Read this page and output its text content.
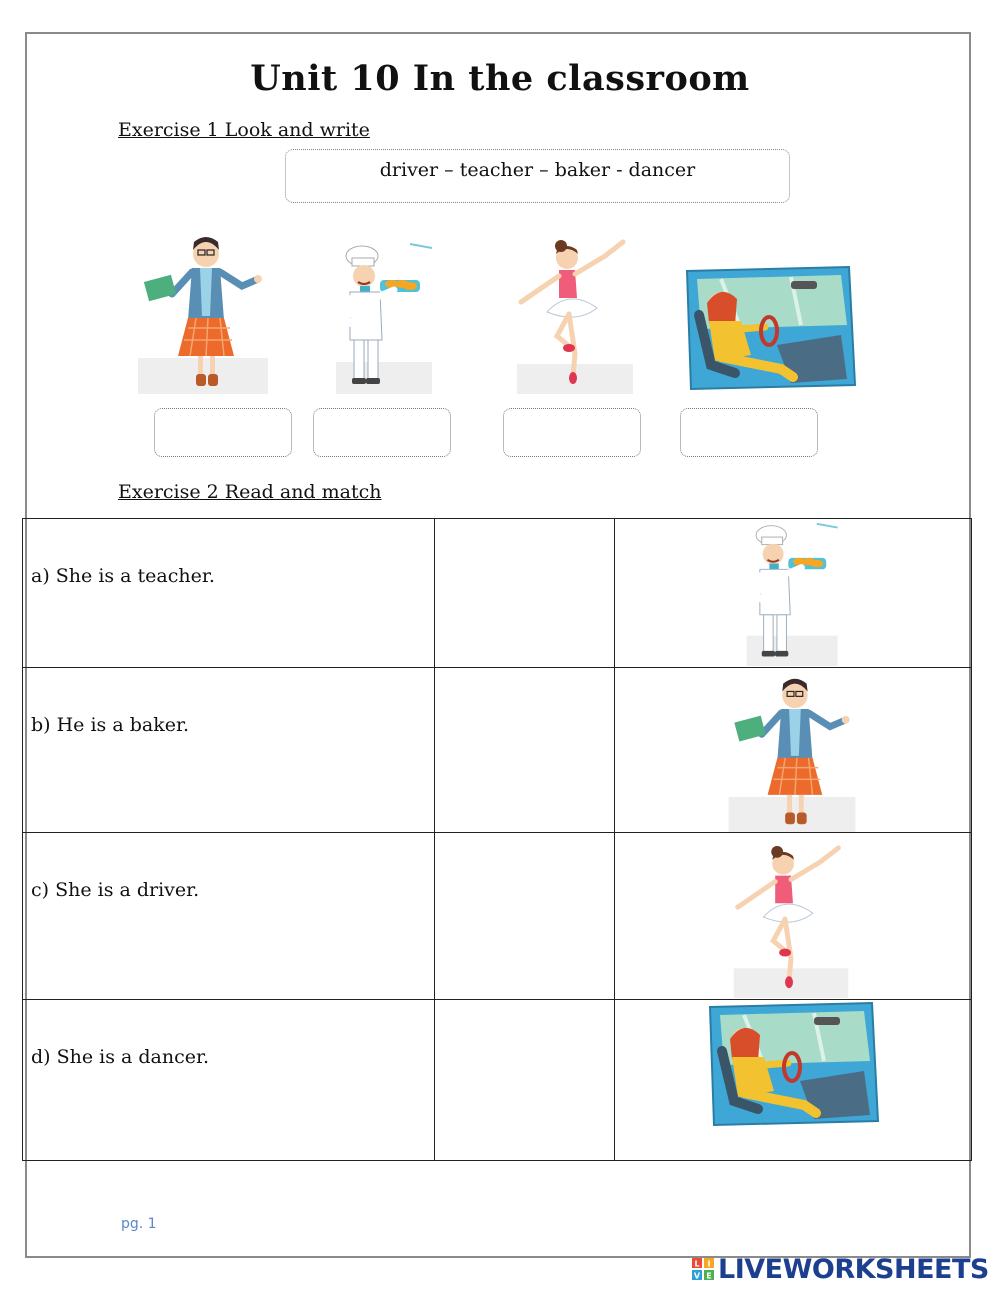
Unit 10 In the classroom
Exercise 1 Look and write
driver – teacher – baker - dancer
Exercise 2 Read and match
a) She is a teacher.
b) He is a baker.
c) She is a driver.
d) She is a dancer.
pg. 1
L I
V E LIVEWORKSHEETS
